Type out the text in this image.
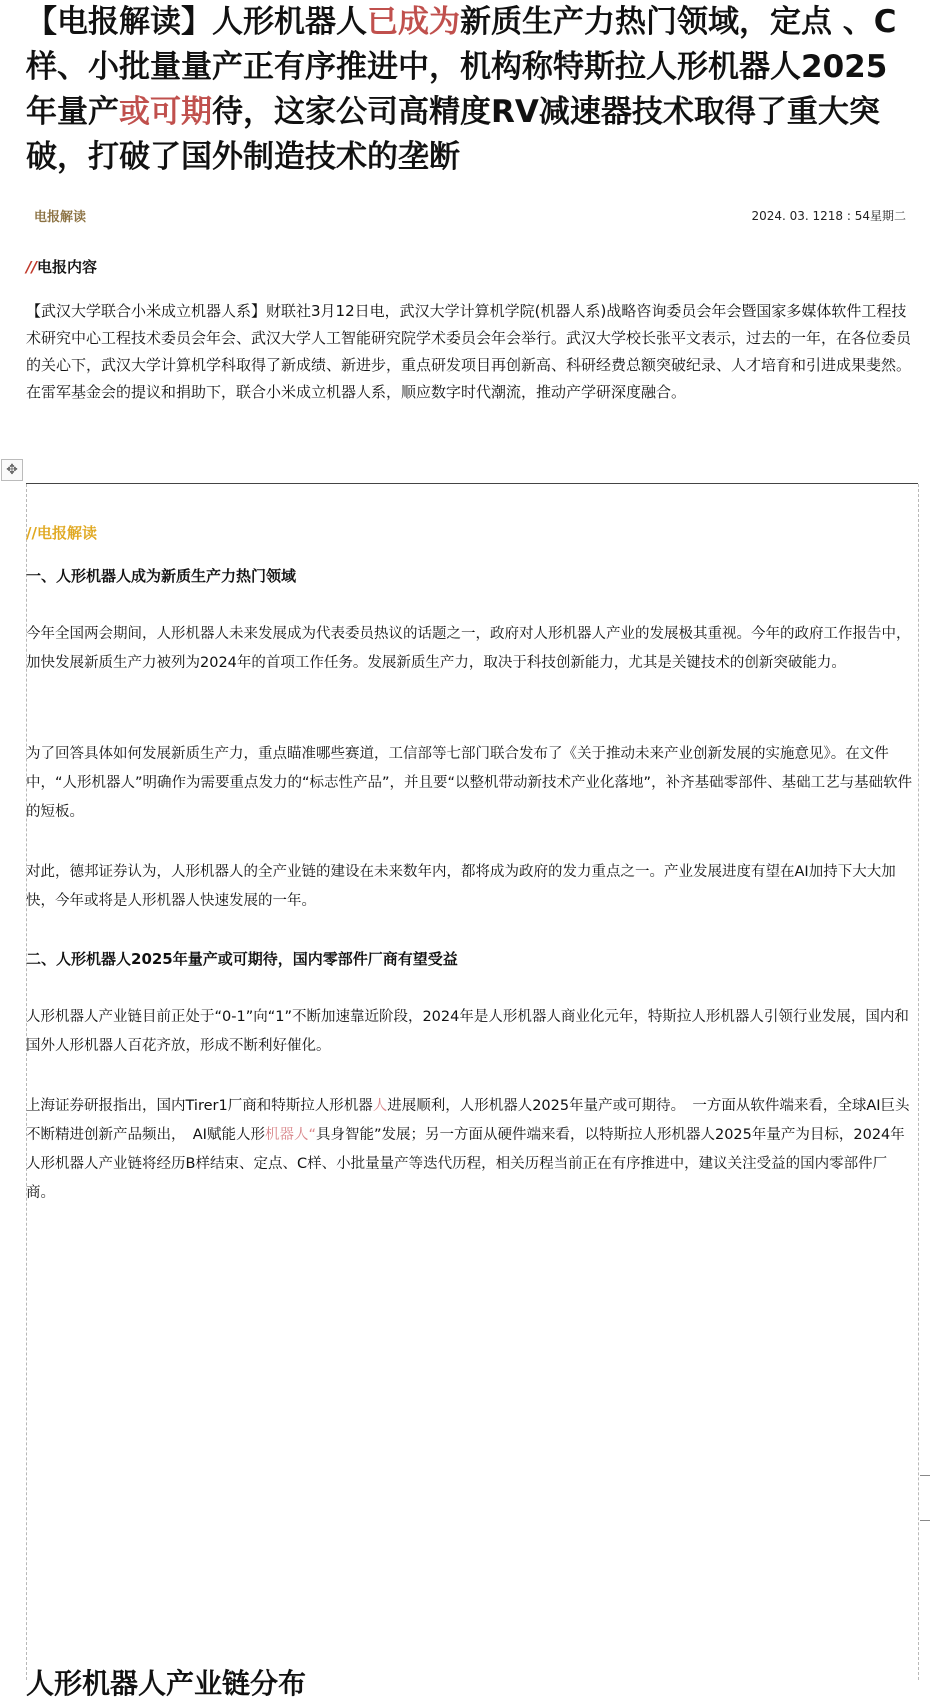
【电报解读】人形机器人已成为新质生产力热门领域，定点 、C样、小批量量产正有序推进中，机构称特斯拉人形机器人2025年量产或可期待，这家公司高精度RV减速器技术取得了重大突破，打破了国外制造技术的垄断
电报解读	2024. 03. 1218 : 54星期二
//电报内容

【武汉大学联合小米成立机器人系】财联社3月12日电，武汉大学计算机学院(机器人系)战略咨询委员会年会暨国家多媒体软件工程技术研究中心工程技术委员会年会、武汉大学人工智能研究院学术委员会年会举行。武汉大学校长张平文表示，过去的一年，在各位委员的关心下，武汉大学计算机学科取得了新成绩、新进步，重点研发项目再创新高、科研经费总额突破纪录、人才培育和引进成果斐然。在雷军基金会的提议和捐助下，联合小米成立机器人系，顺应数字时代潮流，推动产学研深度融合。

✥
//电报解读
一、人形机器人成为新质生产力热门领域

今年全国两会期间，人形机器人未来发展成为代表委员热议的话题之一，政府对人形机器人产业的发展极其重视。今年的政府工作报告中，加快发展新质生产力被列为2024年的首项工作任务。发展新质生产力，取决于科技创新能力，尤其是关键技术的创新突破能力。

为了回答具体如何发展新质生产力，重点瞄准哪些赛道，工信部等七部门联合发布了《关于推动未来产业创新发展的实施意见》。在文件中，“人形机器人”明确作为需要重点发力的“标志性产品”，并且要“以整机带动新技术产业化落地”，补齐基础零部件、基础工艺与基础软件的短板。

对此，德邦证券认为，人形机器人的全产业链的建设在未来数年内，都将成为政府的发力重点之一。产业发展进度有望在AI加持下大大加快，今年或将是人形机器人快速发展的一年。

二、人形机器人2025年量产或可期待，国内零部件厂商有望受益

人形机器人产业链目前正处于“0-1”向“1”不断加速靠近阶段，2024年是人形机器人商业化元年，特斯拉人形机器人引领行业发展，国内和国外人形机器人百花齐放，形成不断利好催化。

上海证券研报指出，国内Tirer1厂商和特斯拉人形机器人进展顺利，人形机器人2025年量产或可期待。　一方面从软件端来看，全球AI巨头不断精进创新产品频出，　AI赋能人形机器人“具身智能”发展；另一方面从硬件端来看，以特斯拉人形机器人2025年量产为目标，2024年人形机器人产业链将经历B样结束、定点、C样、小批量量产等迭代历程，相关历程当前正在有序推进中，建议关注受益的国内零部件厂商。

人形机器人产业链分布
